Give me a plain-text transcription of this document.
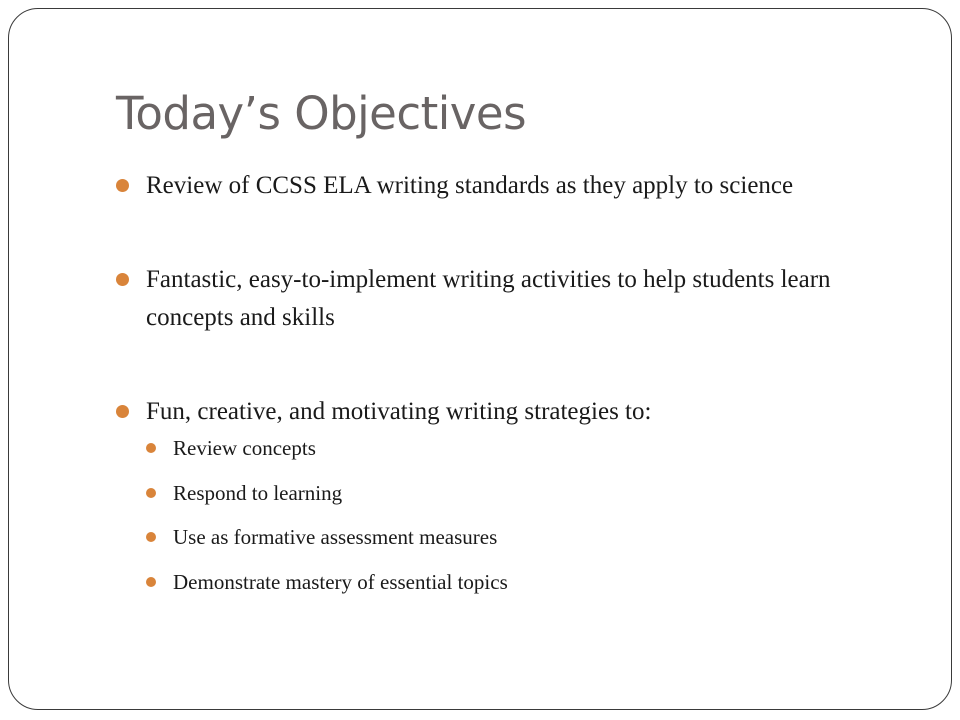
Today’s Objectives
Review of CCSS ELA writing standards as they apply to science
Fantastic, easy-to-implement writing activities to help students learn concepts and skills
Fun, creative, and motivating writing strategies to:
Review concepts
Respond to learning
Use as formative assessment measures
Demonstrate mastery of essential topics
